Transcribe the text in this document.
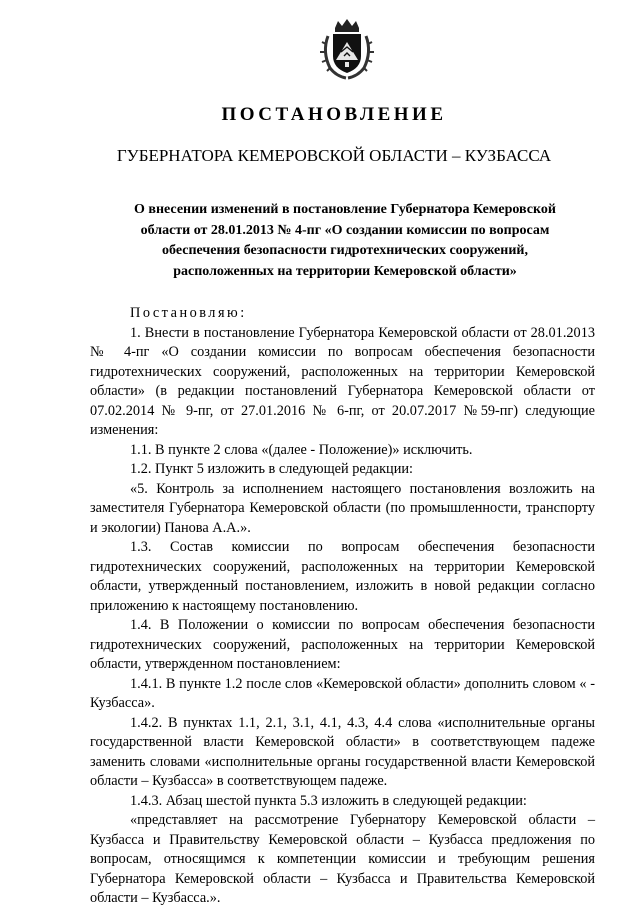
ПОСТАНОВЛЕНИЕ
ГУБЕРНАТОРА КЕМЕРОВСКОЙ ОБЛАСТИ – КУЗБАССА
О внесении изменений в постановление Губернатора Кемеровской
области от 28.01.2013 № 4-пг «О создании комиссии по вопросам
обеспечения безопасности гидротехнических сооружений,
расположенных на территории Кемеровской области»

Постановляю:

1. Внести в постановление Губернатора Кемеровской области от 28.01.2013 № 4-пг «О создании комиссии по вопросам обеспечения безопасности гидротехнических сооружений, расположенных на территории Кемеровской области» (в редакции постановлений Губернатора Кемеровской области от 07.02.2014 № 9-пг, от 27.01.2016 № 6-пг, от 20.07.2017 №59-пг) следующие изменения:

1.1. В пункте 2 слова «(далее - Положение)» исключить.

1.2. Пункт 5 изложить в следующей редакции:

«5. Контроль за исполнением настоящего постановления возложить на заместителя Губернатора Кемеровской области (по промышленности, транспорту и экологии) Панова А.А.».

1.3. Состав комиссии по вопросам обеспечения безопасности гидротехнических сооружений, расположенных на территории Кемеровской области, утвержденный постановлением, изложить в новой редакции согласно приложению к настоящему постановлению.

1.4. В Положении о комиссии по вопросам обеспечения безопасности гидротехнических сооружений, расположенных на территории Кемеровской области, утвержденном постановлением:

1.4.1. В пункте 1.2 после слов «Кемеровской области» дополнить словом « - Кузбасса».

1.4.2. В пунктах 1.1, 2.1, 3.1, 4.1, 4.3, 4.4 слова «исполнительные органы государственной власти Кемеровской области» в соответствующем падеже заменить словами «исполнительные органы государственной власти Кемеровской области – Кузбасса» в соответствующем падеже.

1.4.3. Абзац шестой пункта 5.3 изложить в следующей редакции:

«представляет на рассмотрение Губернатору Кемеровской области – Кузбасса и Правительству Кемеровской области – Кузбасса предложения по вопросам, относящимся к компетенции комиссии и требующим решения Губернатора Кемеровской области – Кузбасса и Правительства Кемеровской области – Кузбасса.».
